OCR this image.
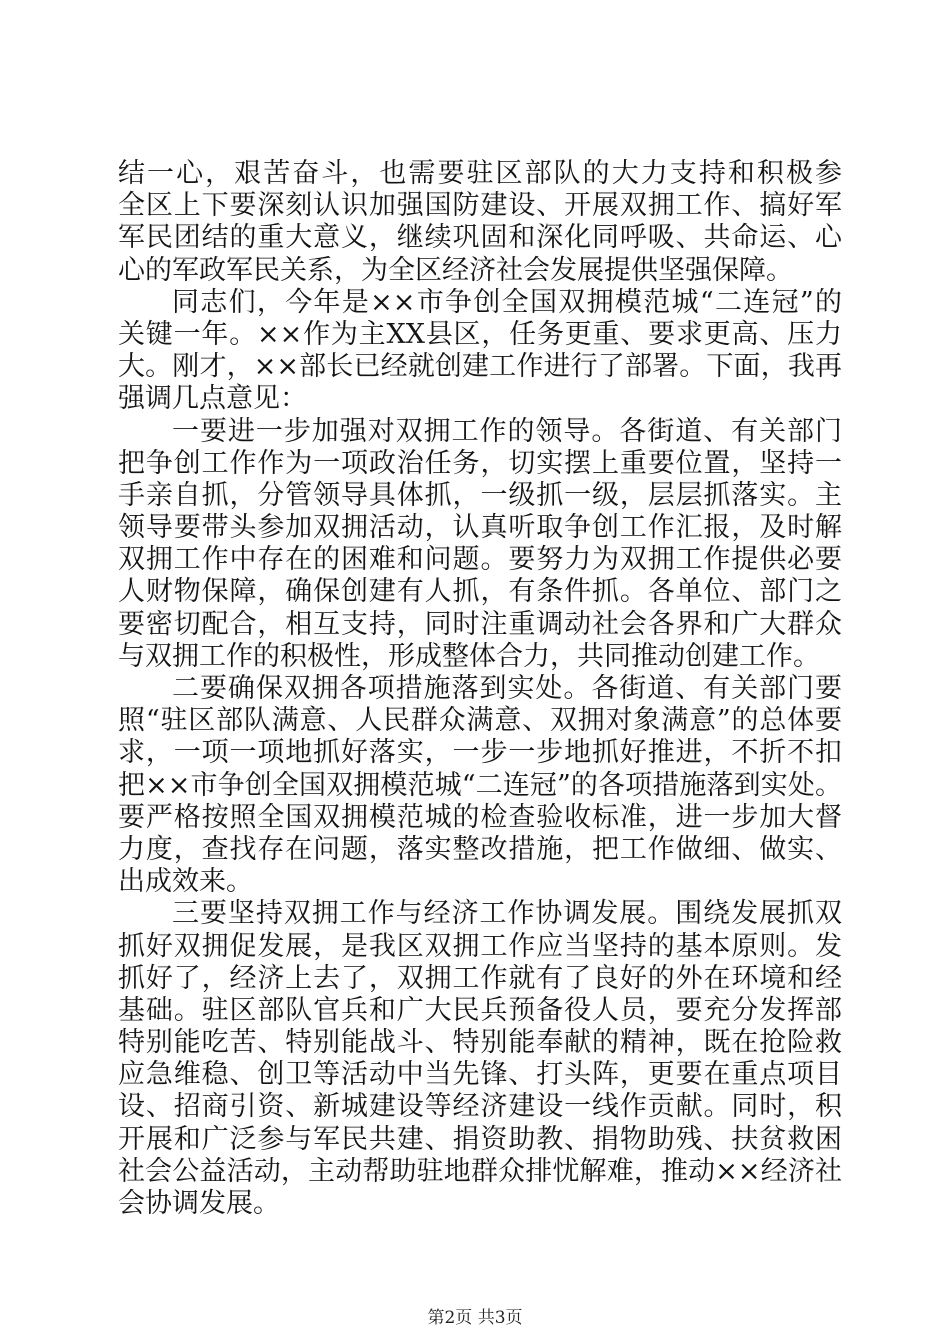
结一心，艰苦奋斗，也需要驻区部队的大力支持和积极参
全区上下要深刻认识加强国防建设、开展双拥工作、搞好军
军民团结的重大意义，继续巩固和深化同呼吸、共命运、心
心的军政军民关系，为全区经济社会发展提供坚强保障。
同志们，今年是××市争创全国双拥模范城“二连冠”的
关键一年。××作为主XX县区，任务更重、要求更高、压力
大。刚才，××部长已经就创建工作进行了部署。下面，我再
强调几点意见：
一要进一步加强对双拥工作的领导。各街道、有关部门
把争创工作作为一项政治任务，切实摆上重要位置，坚持一
手亲自抓，分管领导具体抓，一级抓一级，层层抓落实。主
领导要带头参加双拥活动，认真听取争创工作汇报，及时解
双拥工作中存在的困难和问题。要努力为双拥工作提供必要
人财物保障，确保创建有人抓，有条件抓。各单位、部门之
要密切配合，相互支持，同时注重调动社会各界和广大群众
与双拥工作的积极性，形成整体合力，共同推动创建工作。
二要确保双拥各项措施落到实处。各街道、有关部门要
照“驻区部队满意、人民群众满意、双拥对象满意”的总体要
求，一项一项地抓好落实，一步一步地抓好推进，不折不扣
把××市争创全国双拥模范城“二连冠”的各项措施落到实处。
要严格按照全国双拥模范城的检查验收标准，进一步加大督
力度，查找存在问题，落实整改措施，把工作做细、做实、
出成效来。
三要坚持双拥工作与经济工作协调发展。围绕发展抓双
抓好双拥促发展，是我区双拥工作应当坚持的基本原则。发
抓好了，经济上去了，双拥工作就有了良好的外在环境和经
基础。驻区部队官兵和广大民兵预备役人员，要充分发挥部
特别能吃苦、特别能战斗、特别能奉献的精神，既在抢险救
应急维稳、创卫等活动中当先锋、打头阵，更要在重点项目
设、招商引资、新城建设等经济建设一线作贡献。同时，积
开展和广泛参与军民共建、捐资助教、捐物助残、扶贫救困
社会公益活动，主动帮助驻地群众排忧解难，推动××经济社
会协调发展。
第2页 共3页
